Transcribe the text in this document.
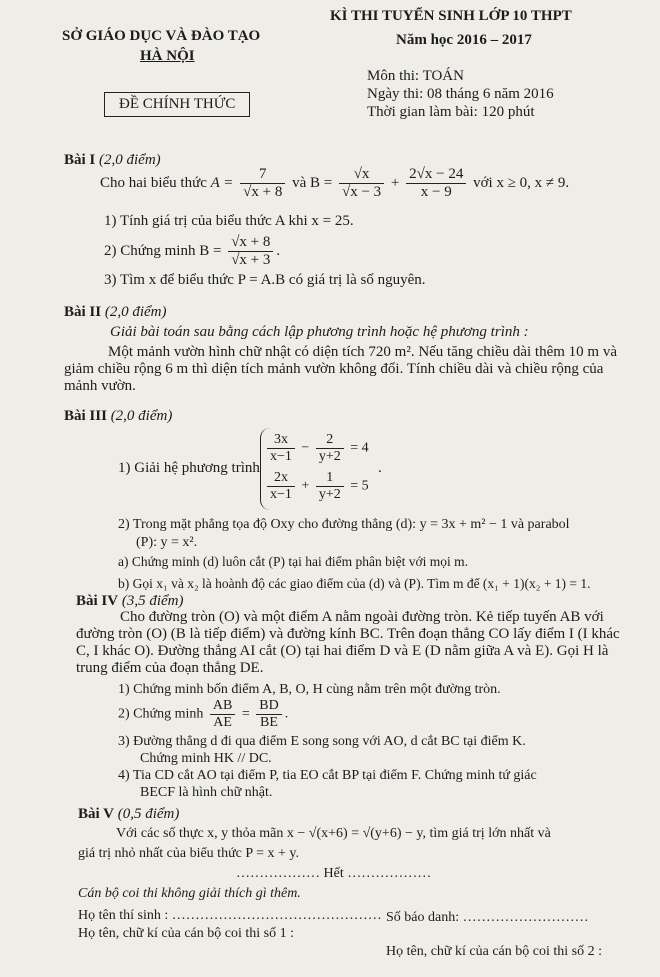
SỞ GIÁO DỤC VÀ ĐÀO TẠO
HÀ NỘI
KÌ THI TUYỂN SINH LỚP 10 THPT
Năm học 2016 – 2017
ĐỀ CHÍNH THỨC
Môn thi: TOÁN
Ngày thi: 08 tháng 6 năm 2016
Thời gian làm bài: 120 phút
Bài I (2,0 điểm)
Cho hai biểu thức $A = \frac{7}{√x + 8}$ và $B = \frac{√x}{√x - 3} + \frac{2√x - 24}{x - 9}$ với x ≥ 0, x ≠ 9.
1) Tính giá trị của biểu thức A khi x = 25.
2) Chứng minh $B = \frac{√x + 8}{√x + 3}$ .
3) Tìm x để biểu thức P = A.B có giá trị là số nguyên.
Bài II (2,0 điểm)
Giải bài toán sau bằng cách lập phương trình hoặc hệ phương trình :

Một mảnh vườn hình chữ nhật có diện tích 720 m². Nếu tăng chiều dài thêm 10 m và giảm chiều rộng 6 m thì diện tích mảnh vườn không đổi. Tính chiều dài và chiều rộng của mảnh vườn.

Bài III (2,0 điểm)
1) Giải hệ phương trình
$\frac{3x}{x-1} - \frac{2}{y+2} = 4$
$\frac{2x}{x-1} + \frac{1}{y+2} = 5$
.
2) Trong mặt phẳng tọa độ Oxy cho đường thẳng (d): y = 3x + m² − 1 và parabol
(P): y = x².
a) Chứng minh (d) luôn cắt (P) tại hai điểm phân biệt với mọi m.
b) Gọi x₁ và x₂ là hoành độ các giao điểm của (d) và (P). Tìm m để (x₁ + 1)(x₂ + 1) = 1.
Bài IV (3,5 điểm)

Cho đường tròn (O) và một điểm A nằm ngoài đường tròn. Kẻ tiếp tuyến AB với đường tròn (O) (B là tiếp điểm) và đường kính BC. Trên đoạn thẳng CO lấy điểm I (I khác C, I khác O). Đường thẳng AI cắt (O) tại hai điểm D và E (D nằm giữa A và E). Gọi H là trung điểm của đoạn thẳng DE.

1) Chứng minh bốn điểm A, B, O, H cùng nằm trên một đường tròn.
2) Chứng minh $\frac{AB}{AE} = \frac{BD}{BE}$ .
3) Đường thẳng d đi qua điểm E song song với AO, d cắt BC tại điểm K.
Chứng minh HK // DC.
4) Tia CD cắt AO tại điểm P, tia EO cắt BP tại điểm F. Chứng minh tứ giác
BECF là hình chữ nhật.
Bài V (0,5 điểm)
Với các số thực x, y thỏa mãn x − √(x+6) = √(y+6) − y, tìm giá trị lớn nhất và
giá trị nhỏ nhất của biểu thức P = x + y.
……………… Hết ………………
Cán bộ coi thi không giải thích gì thêm.
Họ tên thí sinh : ……………………………………… Số báo danh: ………………………
Họ tên, chữ kí của cán bộ coi thi số 1 :
Họ tên, chữ kí của cán bộ coi thi số 2 :
